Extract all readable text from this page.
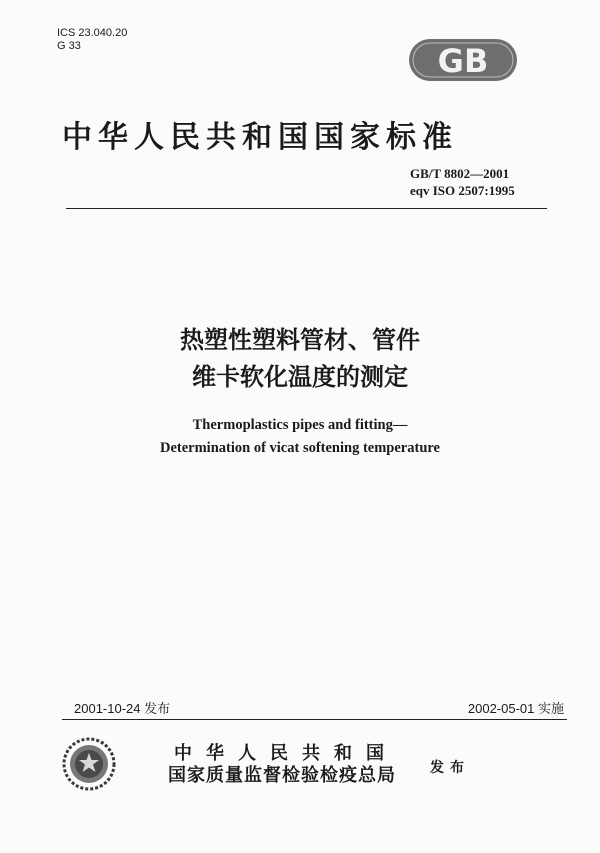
ICS 23.040.20
G 33	GB
中华人民共和国国家标准
GB/T 8802—2001
eqv ISO 2507:1995
热塑性塑料管材、管件
维卡软化温度的测定
Thermoplastics pipes and fitting—
Determination of vicat softening temperature
2001-10-24 发布	2002-05-01 实施
中华人民共和国
国家质量监督检验检疫总局 发布
